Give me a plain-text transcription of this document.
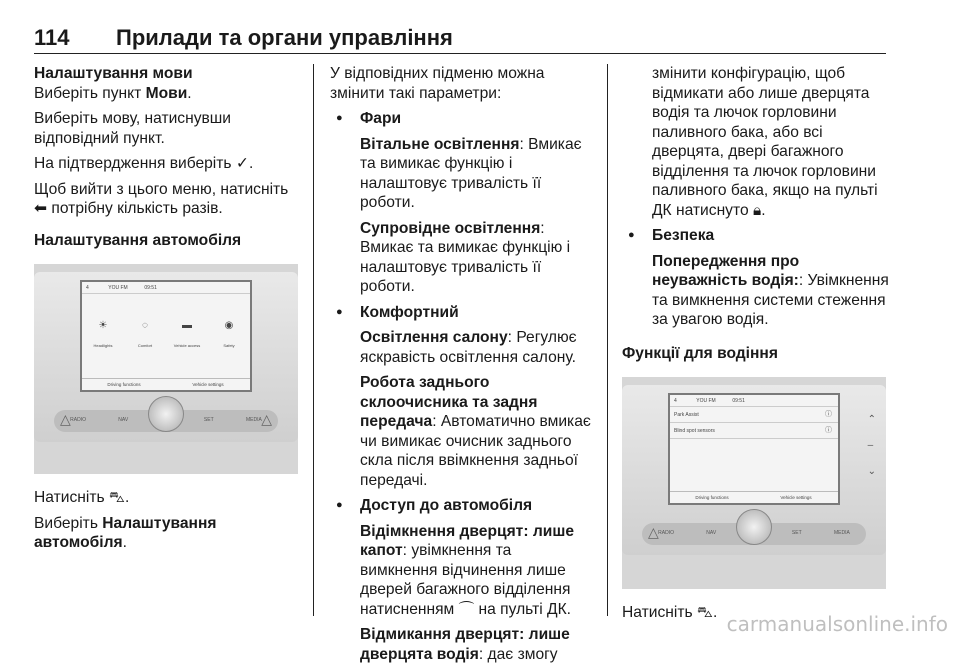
114 Прилади та органи управління

Налаштування мови

Виберіть пункт Мови.

Виберіть мову, натиснувши відповідний пункт.

На підтвердження виберіть ✓.

Щоб вийти з цього меню, натисніть ⬅ потрібну кількість разів.

Налаштування автомобіля

4	YOU FM	09:51
☀
Headlights
◌
Comfort
▬
Vehicle access
◉
Safety
Driving functions	Vehicle settings
RADIO	NAV
	SET	MEDIA
△	△

Натисніть ⛍.

Виберіть Налаштування автомобіля.

У відповідних підменю можна змінити такі параметри:

● Фари

Вітальне освітлення: Вмикає та вимикає функцію і налаштовує тривалість її роботи.

Супровідне освітлення: Вмикає та вимикає функцію і налаштовує тривалість її роботи.

● Комфортний

Освітлення салону: Регулює яскравість освітлення салону.

Робота заднього склоочисника та задня передача: Автоматично вмикає чи вимикає очисник заднього скла після ввімкнення задньої передачі.

● Доступ до автомобіля

Відімкнення дверцят: лише капот: увімкнення та вимкнення відчинення лише дверей багажного відділення натисненням ⌒ на пульті ДК.

Відмикання дверцят: лише дверцята водія: дає змогу

змінити конфігурацію, щоб відмикати або лише дверцята водія та лючок горловини паливного бака, або всі дверцята, двері багажного відділення та лючок горловини паливного бака, якщо на пульті ДК натиснуто 🔒︎.

● Безпека

Попередження про неуважність водія:: Увімкнення та вимкнення системи стеження за увагою водія.

Функції для водіння

4	YOU FM	09:51
Park Assist	ⓘ
Blind spot sensors	ⓘ
Driving functions	Vehicle settings
⌃
–
⌄
RADIO	NAV
	SET	MEDIA
△

Натисніть ⛍. carmanualsonline.info
